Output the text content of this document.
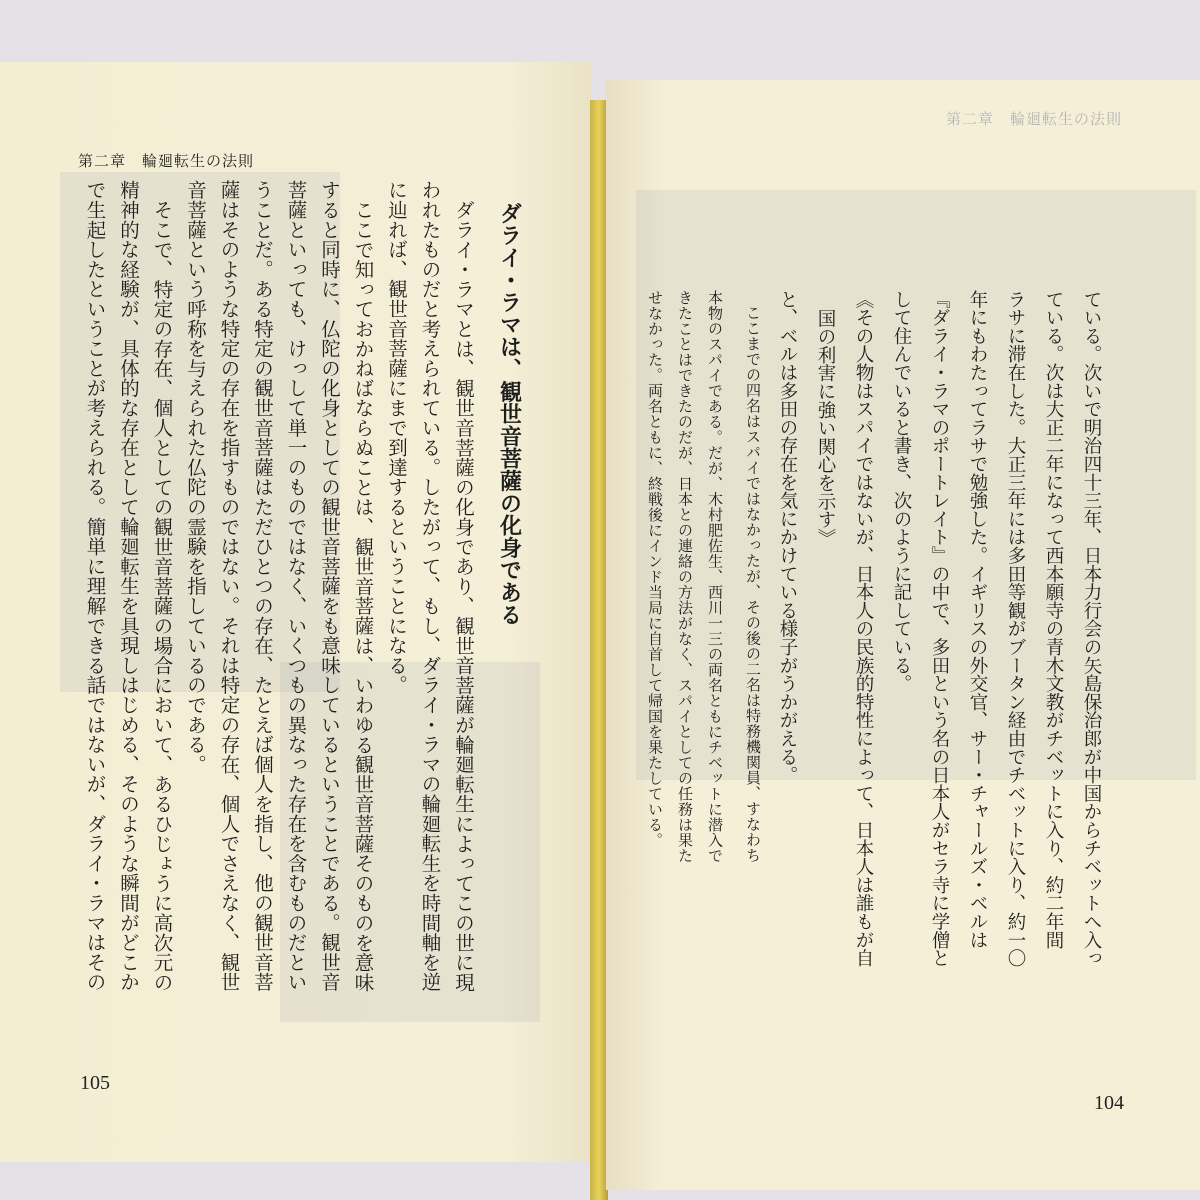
第二章　輪廻転生の法則
105
第二章　輪廻転生の法則
104
ダライ・ラマは、観世音菩薩の化身である
ダライ・ラマとは、観世音菩薩の化身であり、観世音菩薩が輪廻転生によってこの世に現
われたものだと考えられている。したがって、もし、ダライ・ラマの輪廻転生を時間軸を逆
に辿れば、観世音菩薩にまで到達するということになる。
ここで知っておかねばならぬことは、観世音菩薩は、いわゆる観世音菩薩そのものを意味
すると同時に、仏陀の化身としての観世音菩薩をも意味しているということである。観世音
菩薩といっても、けっして単一のものではなく、いくつもの異なった存在を含むものだとい
うことだ。ある特定の観世音菩薩はただひとつの存在、たとえば個人を指し、他の観世音菩
薩はそのような特定の存在を指すものではない。それは特定の存在、個人でさえなく、観世
音菩薩という呼称を与えられた仏陀の霊験を指しているのである。
そこで、特定の存在、個人としての観世音菩薩の場合において、あるひじょうに高次元の
精神的な経験が、具体的な存在として輪廻転生を具現しはじめる、そのような瞬間がどこか
で生起したということが考えられる。簡単に理解できる話ではないが、ダライ・ラマはその	ている。次いで明治四十三年、日本力行会の矢島保治郎が中国からチベットへ入っ
ている。次は大正二年になって西本願寺の青木文教がチベットに入り、約二年間
ラサに滞在した。大正三年には多田等観がブータン経由でチベットに入り、約一〇
年にもわたってラサで勉強した。イギリスの外交官、サー・チャールズ・ベルは
『ダライ・ラマのポートレイト』の中で、多田という名の日本人がセラ寺に学僧と
して住んでいると書き、次のように記している。
《その人物はスパイではないが、日本人の民族的特性によって、日本人は誰もが自
国の利害に強い関心を示す》
と、ベルは多田の存在を気にかけている様子がうかがえる。
ここまでの四名はスパイではなかったが、その後の二名は特務機関員、すなわち
本物のスパイである。だが、木村肥佐生、西川一三の両名ともにチベットに潜入で
きたことはできたのだが、日本との連絡の方法がなく、スパイとしての任務は果た
せなかった。両名ともに、終戦後にインド当局に自首して帰国を果たしている。
